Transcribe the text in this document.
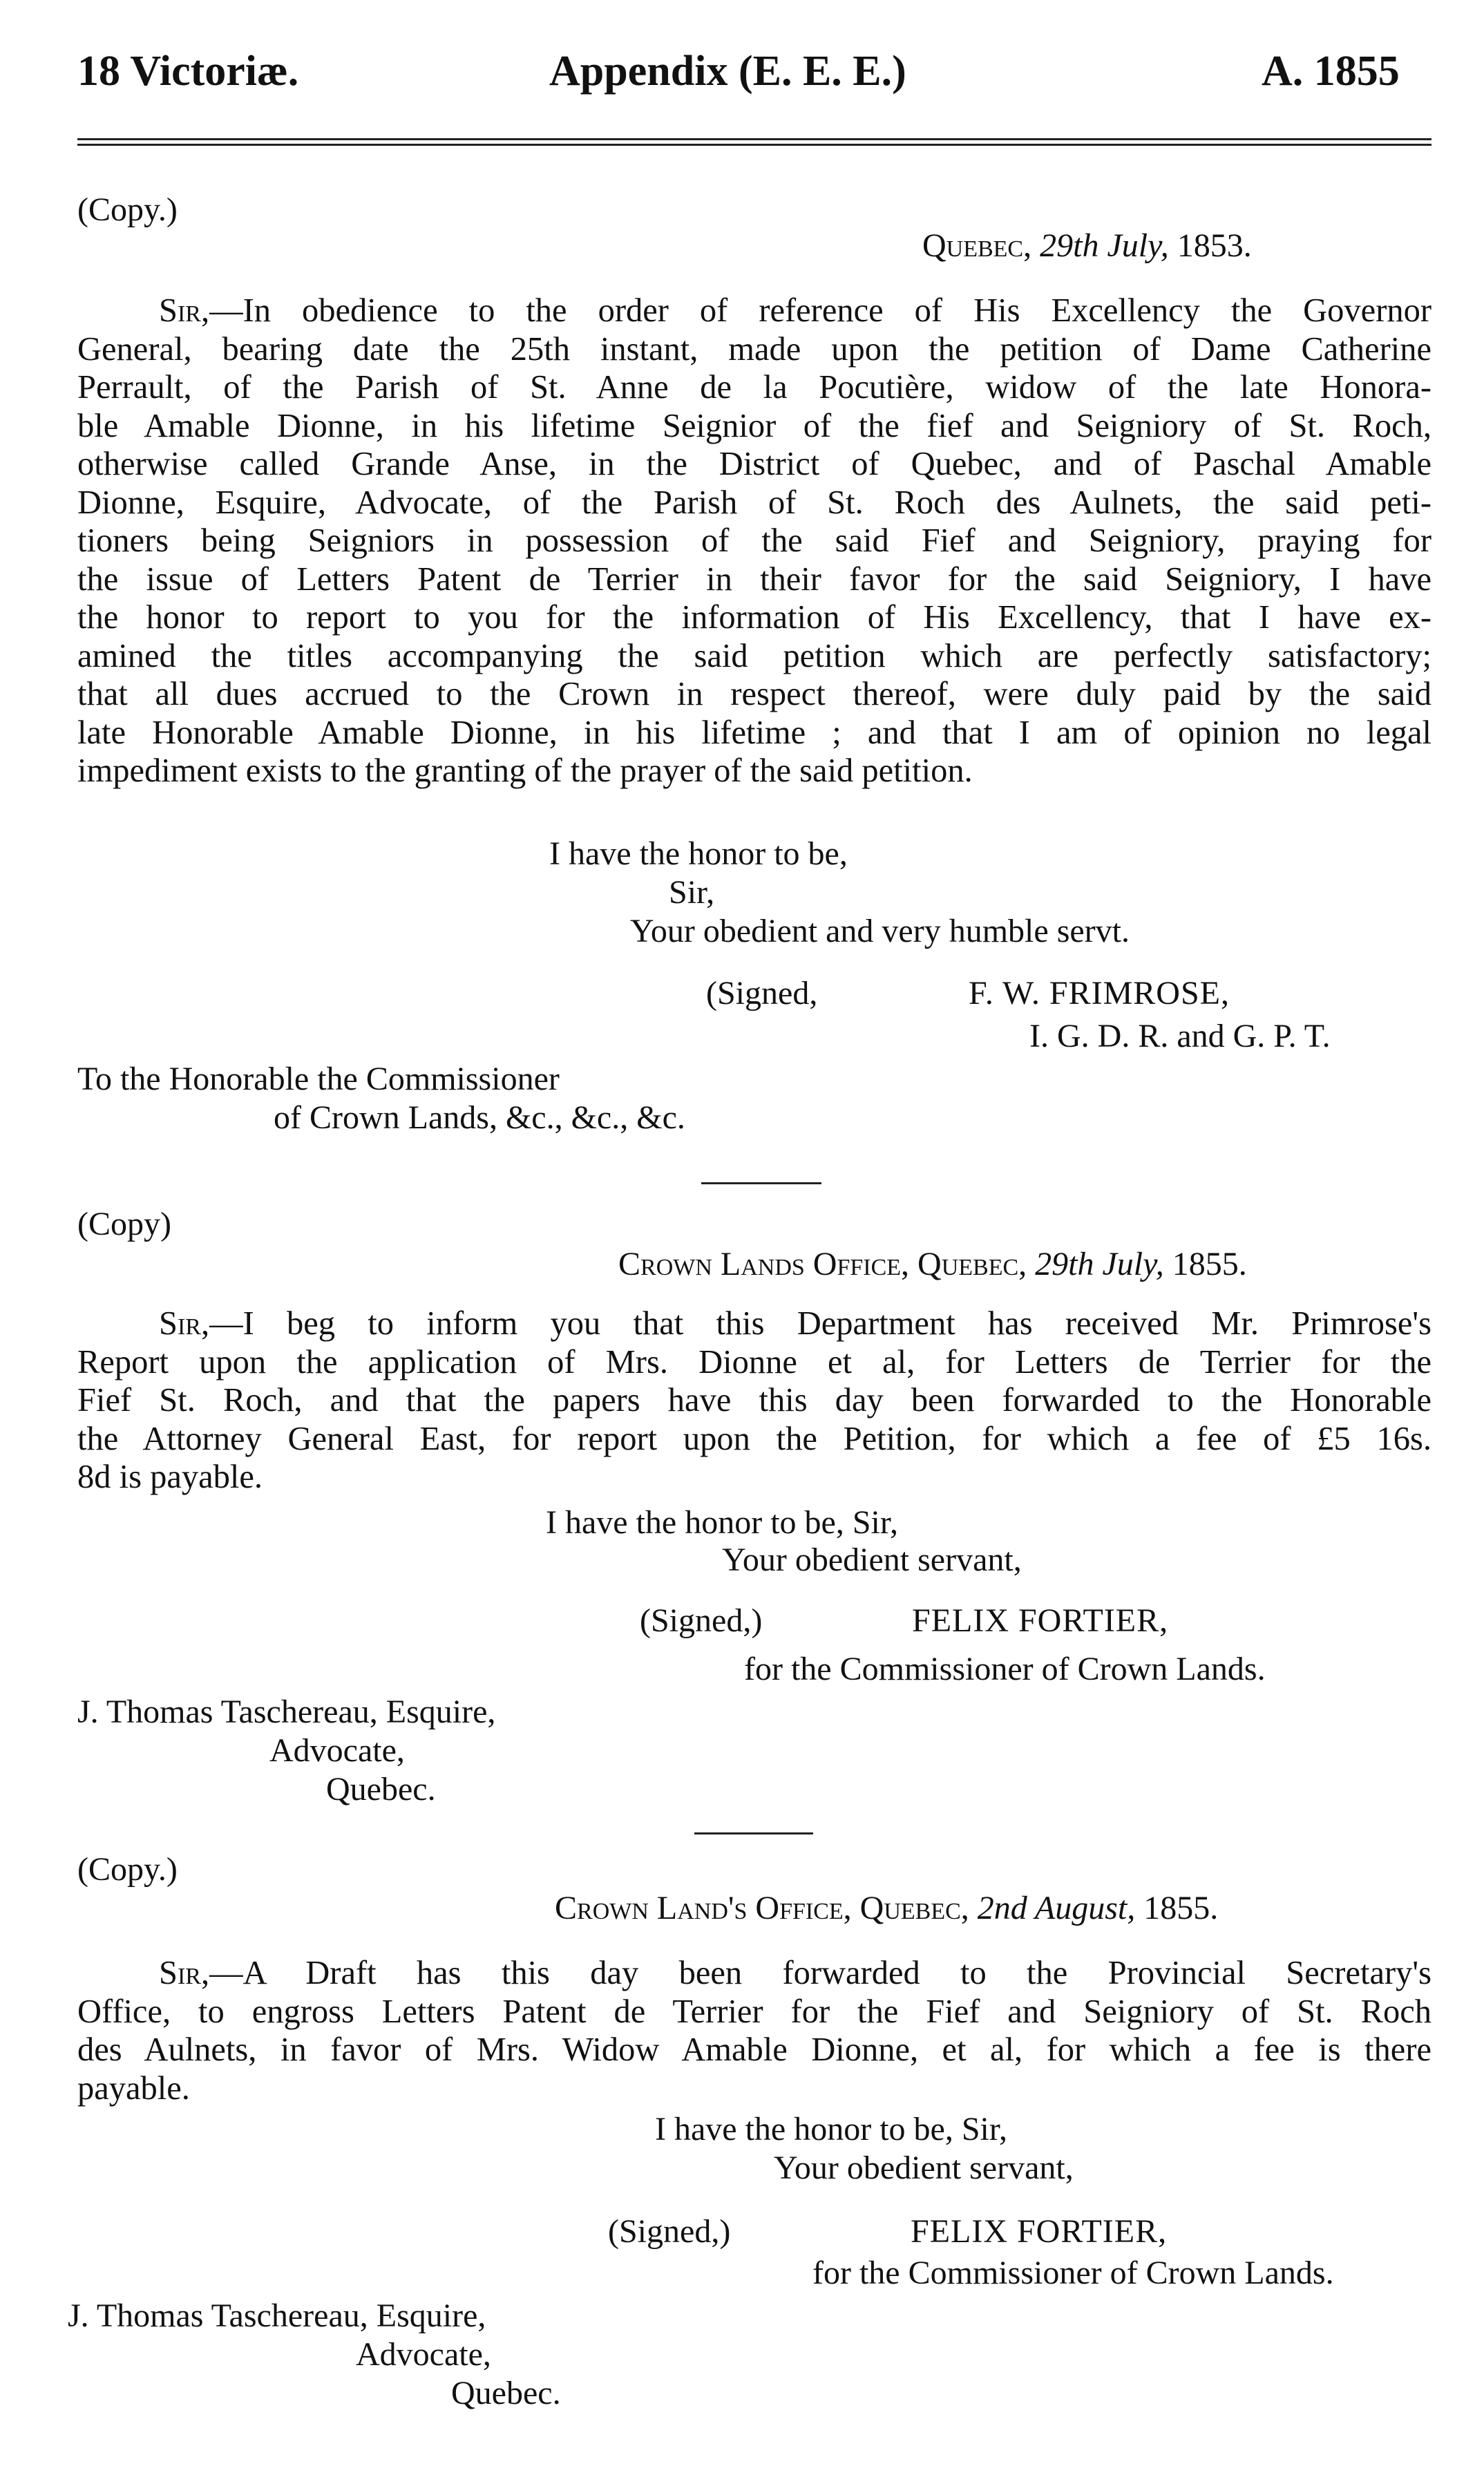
18 Victoriæ.	Appendix (E. E. E.)	A. 1855
(Copy.)
Quebec, 29th July, 1853.
Sir,—In obedience to the order of reference of His Excellency the Governor
General, bearing date the 25th instant, made upon the petition of Dame Catherine
Perrault, of the Parish of St. Anne de la Pocutière, widow of the late Honora-
ble Amable Dionne, in his lifetime Seignior of the fief and Seigniory of St. Roch,
otherwise called Grande Anse, in the District of Quebec, and of Paschal Amable
Dionne, Esquire, Advocate, of the Parish of St. Roch des Aulnets, the said peti-
tioners being Seigniors in possession of the said Fief and Seigniory, praying for
the issue of Letters Patent de Terrier in their favor for the said Seigniory, I have
the honor to report to you for the information of His Excellency, that I have ex-
amined the titles accompanying the said petition which are perfectly satisfactory;
that all dues accrued to the Crown in respect thereof, were duly paid by the said
late Honorable Amable Dionne, in his lifetime ; and that I am of opinion no legal
impediment exists to the granting of the prayer of the said petition.
I have the honor to be,
Sir,
Your obedient and very humble servt.
(Signed,	F. W. FRIMROSE,
I. G. D. R. and G. P. T.
To the Honorable the Commissioner
of Crown Lands, &c., &c., &c.
(Copy)
Crown Lands Office, Quebec, 29th July, 1855.
Sir,—I beg to inform you that this Department has received Mr. Primrose's
Report upon the application of Mrs. Dionne et al, for Letters de Terrier for the
Fief St. Roch, and that the papers have this day been forwarded to the Honorable
the Attorney General East, for report upon the Petition, for which a fee of £5 16s.
8d is payable.
I have the honor to be, Sir,
Your obedient servant,
(Signed,)	FELIX FORTIER,
for the Commissioner of Crown Lands.
J. Thomas Taschereau, Esquire,
Advocate,
Quebec.
(Copy.)
Crown Land's Office, Quebec, 2nd August, 1855.
Sir,—A Draft has this day been forwarded to the Provincial Secretary's
Office, to engross Letters Patent de Terrier for the Fief and Seigniory of St. Roch
des Aulnets, in favor of Mrs. Widow Amable Dionne, et al, for which a fee is there
payable.
I have the honor to be, Sir,
Your obedient servant,
(Signed,)	FELIX FORTIER,
for the Commissioner of Crown Lands.
J. Thomas Taschereau, Esquire,
Advocate,
Quebec.
